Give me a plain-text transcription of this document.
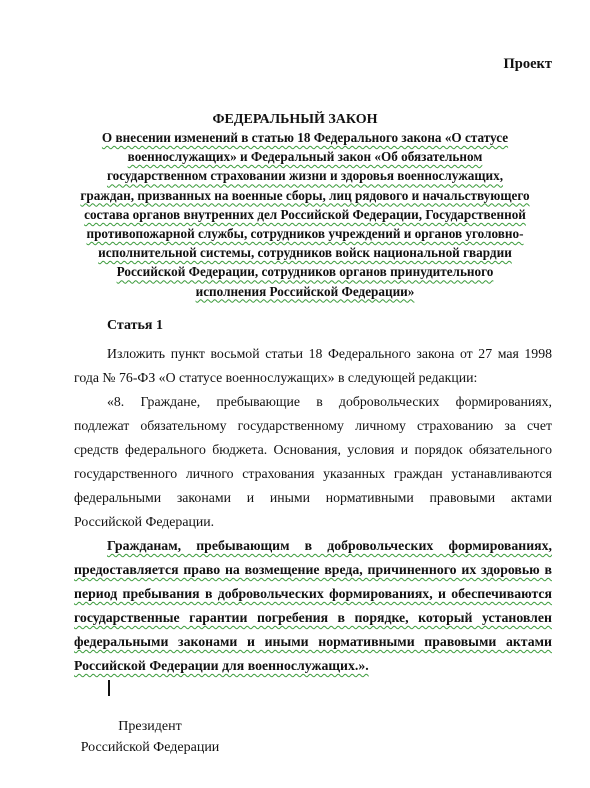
Проект
ФЕДЕРАЛЬНЫЙ ЗАКОН
О внесении изменений в статью 18 Федерального закона «О статусе
военнослужащих» и Федеральный закон «Об обязательном
государственном страховании жизни и здоровья военнослужащих,
граждан, призванных на военные сборы, лиц рядового и начальствующего
состава органов внутренних дел Российской Федерации, Государственной
противопожарной службы, сотрудников учреждений и органов уголовно-
исполнительной системы, сотрудников войск национальной гвардии
Российской Федерации, сотрудников органов принудительного
исполнения Российской Федерации»
Статья 1
Изложить пункт восьмой статьи 18 Федерального закона от 27 мая 1998
года № 76-ФЗ «О статусе военнослужащих» в следующей редакции:
«8. Граждане, пребывающие в добровольческих формированиях,
подлежат обязательному государственному личному страхованию за счет
средств федерального бюджета. Основания, условия и порядок обязательного
государственного личного страхования указанных граждан устанавливаются
федеральными законами и иными нормативными правовыми актами
Российской Федерации.
Гражданам, пребывающим в добровольческих формированиях,
предоставляется право на возмещение вреда, причиненного их здоровью в
период пребывания в добровольческих формированиях, и обеспечиваются
государственные гарантии погребения в порядке, который установлен
федеральными законами и иными нормативными правовыми актами
Российской Федерации для военнослужащих.».
Президент
Российской Федерации
